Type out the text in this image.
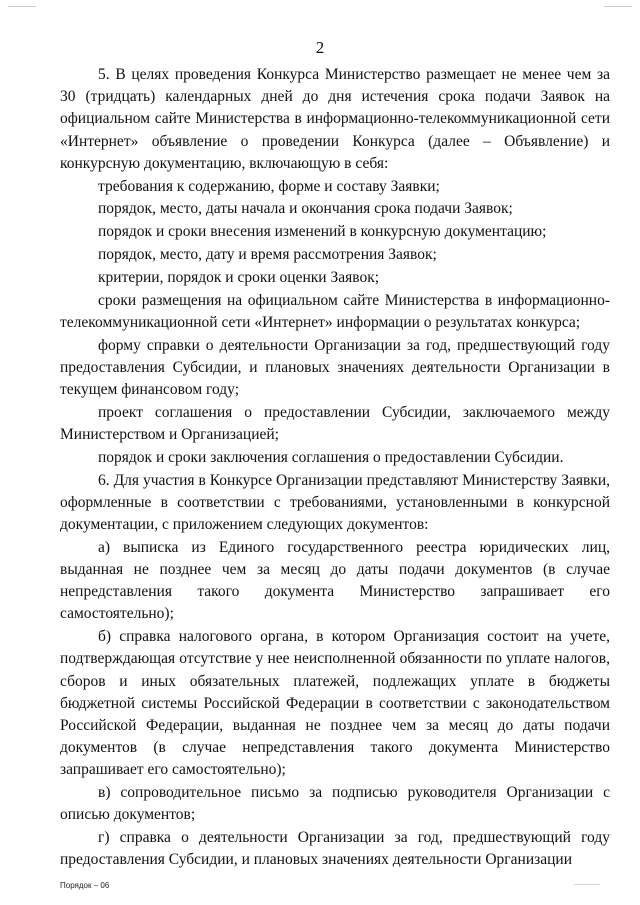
2

5. В целях проведения Конкурса Министерство размещает не менее чем за 30 (тридцать) календарных дней до дня истечения срока подачи Заявок на официальном сайте Министерства в информационно-телекоммуникационной сети «Интернет» объявление о проведении Конкурса (далее – Объявление) и конкурсную документацию, включающую в себя:

требования к содержанию, форме и составу Заявки;

порядок, место, даты начала и окончания срока подачи Заявок;

порядок и сроки внесения изменений в конкурсную документацию;

порядок, место, дату и время рассмотрения Заявок;

критерии, порядок и сроки оценки Заявок;

сроки размещения на официальном сайте Министерства в информационно-телекоммуникационной сети «Интернет» информации о результатах конкурса;

форму справки о деятельности Организации за год, предшествующий году предоставления Субсидии, и плановых значениях деятельности Организации в текущем финансовом году;

проект соглашения о предоставлении Субсидии, заключаемого между Министерством и Организацией;

порядок и сроки заключения соглашения о предоставлении Субсидии.

6. Для участия в Конкурсе Организации представляют Министерству Заявки, оформленные в соответствии с требованиями, установленными в конкурсной документации, с приложением следующих документов:

а) выписка из Единого государственного реестра юридических лиц, выданная не позднее чем за месяц до даты подачи документов (в случае непредставления такого документа Министерство запрашивает его самостоятельно);

б) справка налогового органа, в котором Организация состоит на учете, подтверждающая отсутствие у нее неисполненной обязанности по уплате налогов, сборов и иных обязательных платежей, подлежащих уплате в бюджеты бюджетной системы Российской Федерации в соответствии с законодательством Российской Федерации, выданная не позднее чем за месяц до даты подачи документов (в случае непредставления такого документа Министерство запрашивает его самостоятельно);

в) сопроводительное письмо за подписью руководителя Организации с описью документов;

г) справка о деятельности Организации за год, предшествующий году предоставления Субсидии, и плановых значениях деятельности Организации

Порядок – 06
